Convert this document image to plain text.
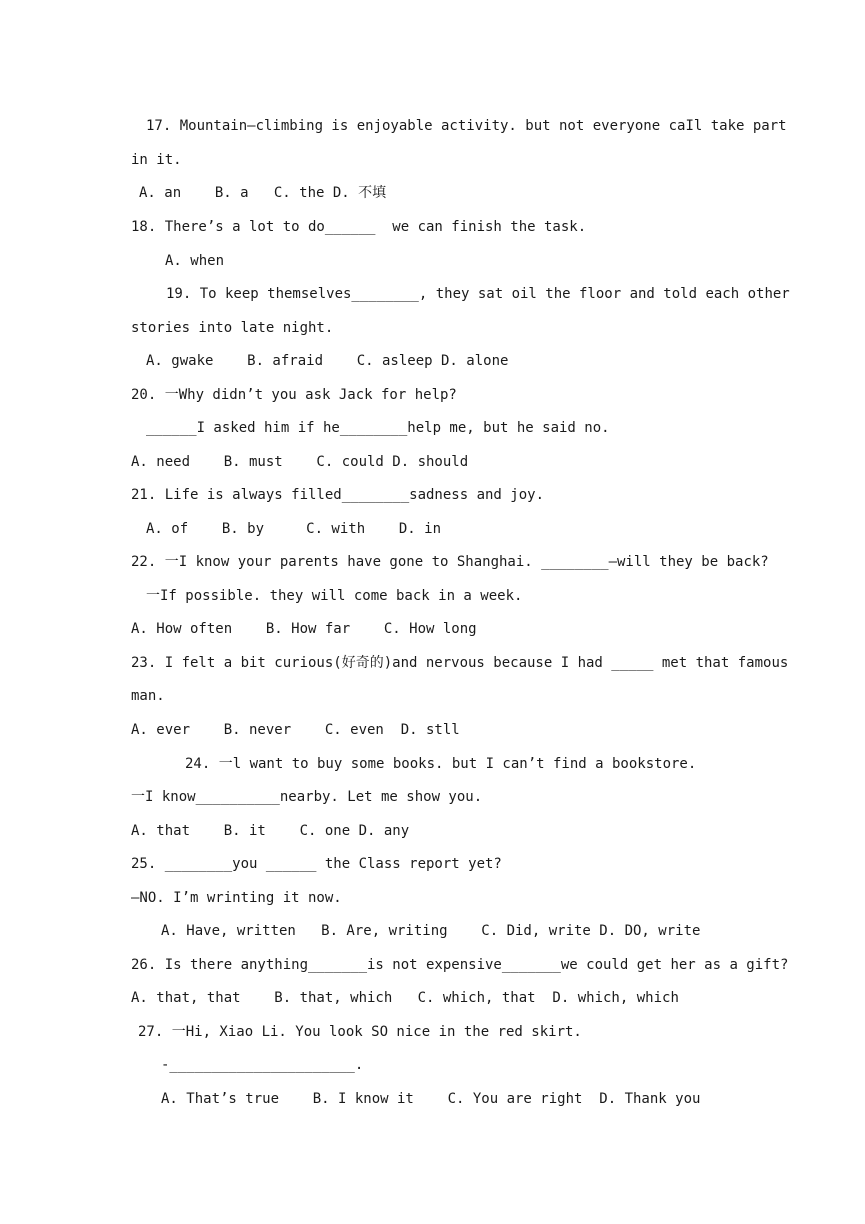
17. Mountain—climbing is enjoyable activity. but not everyone caIl take part
in it.
A. an    B. a   C. the D. 不填
18. There’s a lot to do______  we can finish the task.
A. when
19. To keep themselves________, they sat oil the floor and told each other
stories into late night.
A. gwake    B. afraid    C. asleep D. alone
20. 一Why didn’t you ask Jack for help?
______I asked him if he________help me, but he said no.
A. need    B. must    C. could D. should
21. Life is always filled________sadness and joy.
A. of    B. by     C. with    D. in
22. 一I know your parents have gone to Shanghai. ________—will they be back?
一If possible. they will come back in a week.
A. How often    B. How far    C. How long
23. I felt a bit curious(好奇的)and nervous because I had _____ met that famous
man.
A. ever    B. never    C. even  D. stll
24. 一l want to buy some books. but I can’t find a bookstore.
一I know__________nearby. Let me show you.
A. that    B. it    C. one D. any
25. ________you ______ the Class report yet?
—NO. I’m wrinting it now.
A. Have, written   B. Are, writing    C. Did, write D. DO, write
26. Is there anything_______is not expensive_______we could get her as a gift?
A. that, that    B. that, which   C. which, that  D. which, which
27. 一Hi, Xiao Li. You look SO nice in the red skirt.
-______________________.
A. That’s true    B. I know it    C. You are right  D. Thank you
